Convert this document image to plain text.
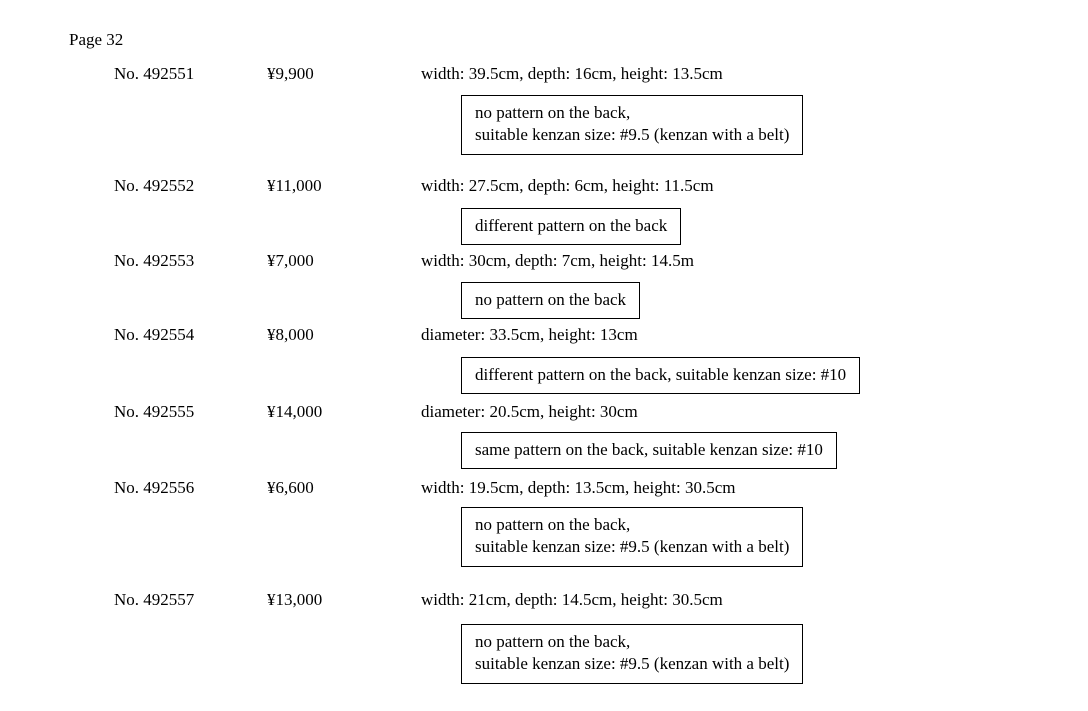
Page 32
No. 492551	¥9,900	width: 39.5cm, depth: 16cm, height: 13.5cm
no pattern on the back,
suitable kenzan size: #9.5 (kenzan with a belt)
No. 492552	¥11,000	width: 27.5cm, depth: 6cm, height: 11.5cm
different pattern on the back
No. 492553	¥7,000	width: 30cm, depth: 7cm, height: 14.5m
no pattern on the back
No. 492554	¥8,000	diameter: 33.5cm, height: 13cm
different pattern on the back, suitable kenzan size: #10
No. 492555	¥14,000	diameter: 20.5cm, height: 30cm
same pattern on the back, suitable kenzan size: #10
No. 492556	¥6,600	width: 19.5cm, depth: 13.5cm, height: 30.5cm
no pattern on the back,
suitable kenzan size: #9.5 (kenzan with a belt)
No. 492557	¥13,000	width: 21cm, depth: 14.5cm, height: 30.5cm
no pattern on the back,
suitable kenzan size: #9.5 (kenzan with a belt)
